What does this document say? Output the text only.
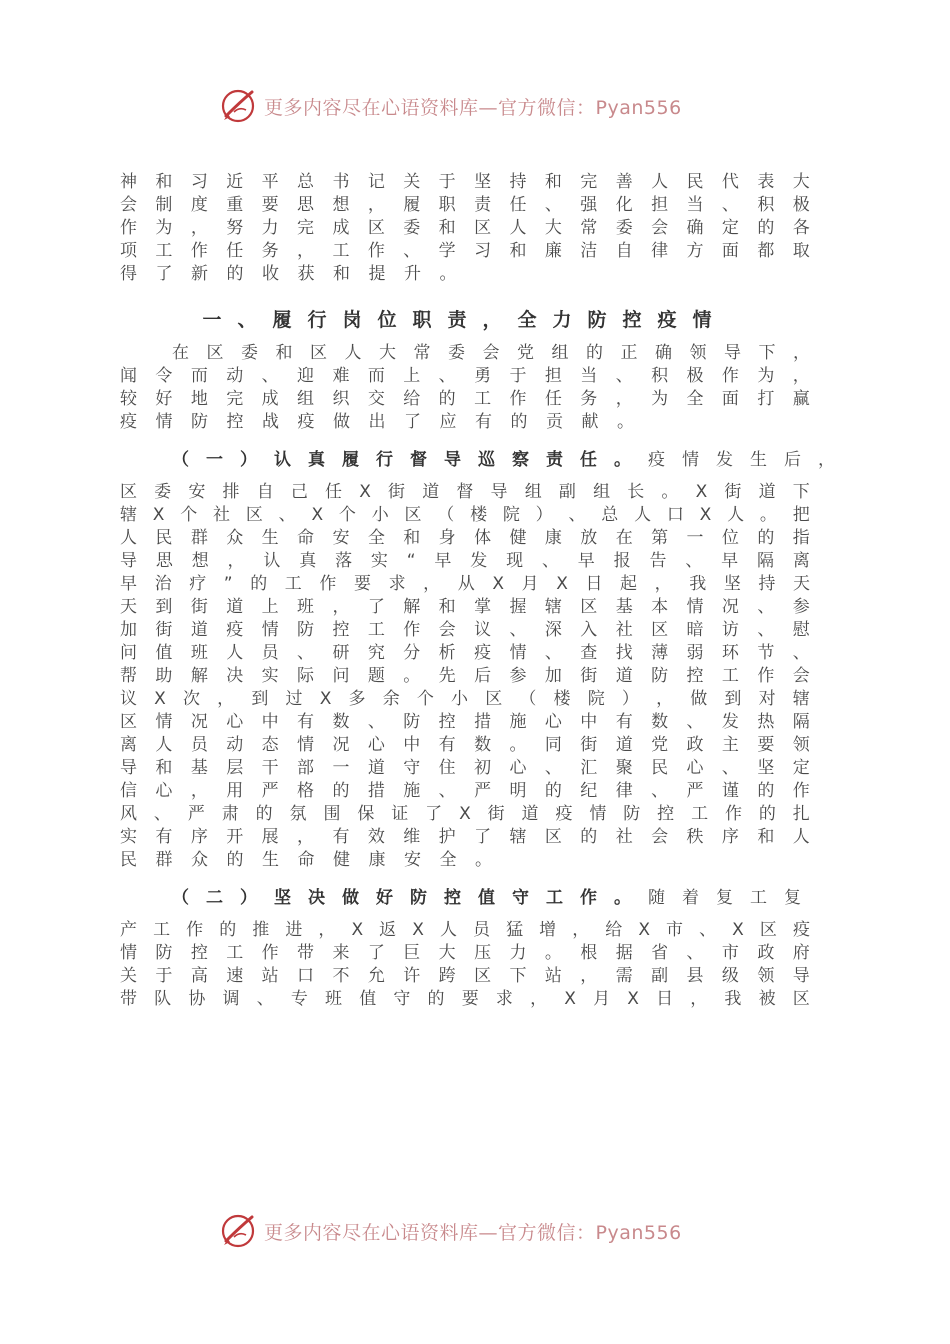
更多内容尽在心语资料库—官方微信：Pyan556
神 和 习 近 平 总 书 记 关 于 坚 持 和 完 善 人 民 代 表 大
会 制 度 重 要 思 想 ， 履 职 责 任 、 强 化 担 当 、 积 极
作 为 ， 努 力 完 成 区 委 和 区 人 大 常 委 会 确 定 的 各
项 工 作 任 务 ， 工 作 、 学 习 和 廉 洁 自 律 方 面 都 取
得 了 新 的 收 获 和 提 升 。
一、履行岗位职责，全力防控疫情
在 区 委 和 区 人 大 常 委 会 党 组 的 正 确 领 导 下 ，
闻 令 而 动 、 迎 难 而 上 、 勇 于 担 当 、 积 极 作 为 ，
较 好 地 完 成 组 织 交 给 的 工 作 任 务 ， 为 全 面 打 赢
疫 情 防 控 战 疫 做 出 了 应 有 的 贡 献 。
（一）认真履行督导巡察责任。 疫情发生后，
区 委 安 排 自 己 任 X 街 道 督 导 组 副 组 长 。 X 街 道 下
辖 X 个 社 区 、 X 个 小 区 （ 楼 院 ） 、 总 人 口 X 人 。 把
人 民 群 众 生 命 安 全 和 身 体 健 康 放 在 第 一 位 的 指
导 思 想 ， 认 真 落 实 “ 早 发 现 、 早 报 告 、 早 隔 离
早 治 疗 ” 的 工 作 要 求 ， 从 X 月 X 日 起 ， 我 坚 持 天
天 到 街 道 上 班 ， 了 解 和 掌 握 辖 区 基 本 情 况 、 参
加 街 道 疫 情 防 控 工 作 会 议 、 深 入 社 区 暗 访 、 慰
问 值 班 人 员 、 研 究 分 析 疫 情 、 查 找 薄 弱 环 节 、
帮 助 解 决 实 际 问 题 。 先 后 参 加 街 道 防 控 工 作 会
议 X 次 ， 到 过 X 多 余 个 小 区 （ 楼 院 ） ， 做 到 对 辖
区 情 况 心 中 有 数 、 防 控 措 施 心 中 有 数 、 发 热 隔
离 人 员 动 态 情 况 心 中 有 数 。 同 街 道 党 政 主 要 领
导 和 基 层 干 部 一 道 守 住 初 心 、 汇 聚 民 心 、 坚 定
信 心 ， 用 严 格 的 措 施 、 严 明 的 纪 律 、 严 谨 的 作
风 、 严 肃 的 氛 围 保 证 了 X 街 道 疫 情 防 控 工 作 的 扎
实 有 序 开 展 ， 有 效 维 护 了 辖 区 的 社 会 秩 序 和 人
民 群 众 的 生 命 健 康 安 全 。
（二）坚决做好防控值守工作。 随着复工复
产 工 作 的 推 进 ， X 返 X 人 员 猛 增 ， 给 X 市 、 X 区 疫
情 防 控 工 作 带 来 了 巨 大 压 力 。 根 据 省 、 市 政 府
关 于 高 速 站 口 不 允 许 跨 区 下 站 ， 需 副 县 级 领 导
带 队 协 调 、 专 班 值 守 的 要 求 ， X 月 X 日 ， 我 被 区
更多内容尽在心语资料库—官方微信：Pyan556
